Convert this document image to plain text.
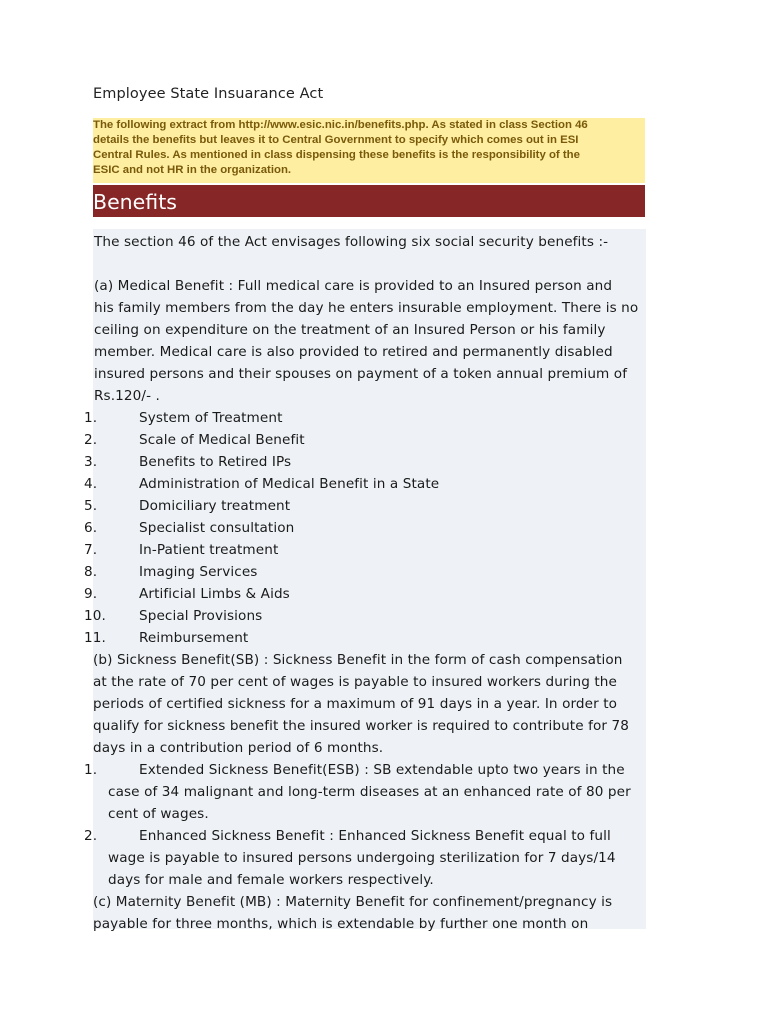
Employee State Insuarance Act

The following extract from http://www.esic.nic.in/benefits.php. As stated in class Section 46

details the benefits but leaves it to Central Government to specify which comes out in ESI

Central Rules. As mentioned in class dispensing these benefits is the responsibility of the

ESIC and not HR in the organization.

Benefits
The section 46 of the Act envisages following six social security benefits :-
(a) Medical Benefit : Full medical care is provided to an Insured person and
his family members from the day he enters insurable employment. There is no
ceiling on expenditure on the treatment of an Insured Person or his family
member. Medical care is also provided to retired and permanently disabled
insured persons and their spouses on payment of a token annual premium of
Rs.120/- .
1.	System of Treatment
2.	Scale of Medical Benefit
3.	Benefits to Retired IPs
4.	Administration of Medical Benefit in a State
5.	Domiciliary treatment
6.	Specialist consultation
7.	In-Patient treatment
8.	Imaging Services
9.	Artificial Limbs & Aids
10. Special Provisions
11. Reimbursement
(b) Sickness Benefit(SB) : Sickness Benefit in the form of cash compensation
at the rate of 70 per cent of wages is payable to insured workers during the
periods of certified sickness for a maximum of 91 days in a year. In order to
qualify for sickness benefit the insured worker is required to contribute for 78
days in a contribution period of 6 months.
1.	Extended Sickness Benefit(ESB) : SB extendable upto two years in the
case of 34 malignant and long-term diseases at an enhanced rate of 80 per
cent of wages.
2.	Enhanced Sickness Benefit : Enhanced Sickness Benefit equal to full
wage is payable to insured persons undergoing sterilization for 7 days/14
days for male and female workers respectively.
(c) Maternity Benefit (MB) : Maternity Benefit for confinement/pregnancy is
payable for three months, which is extendable by further one month on
